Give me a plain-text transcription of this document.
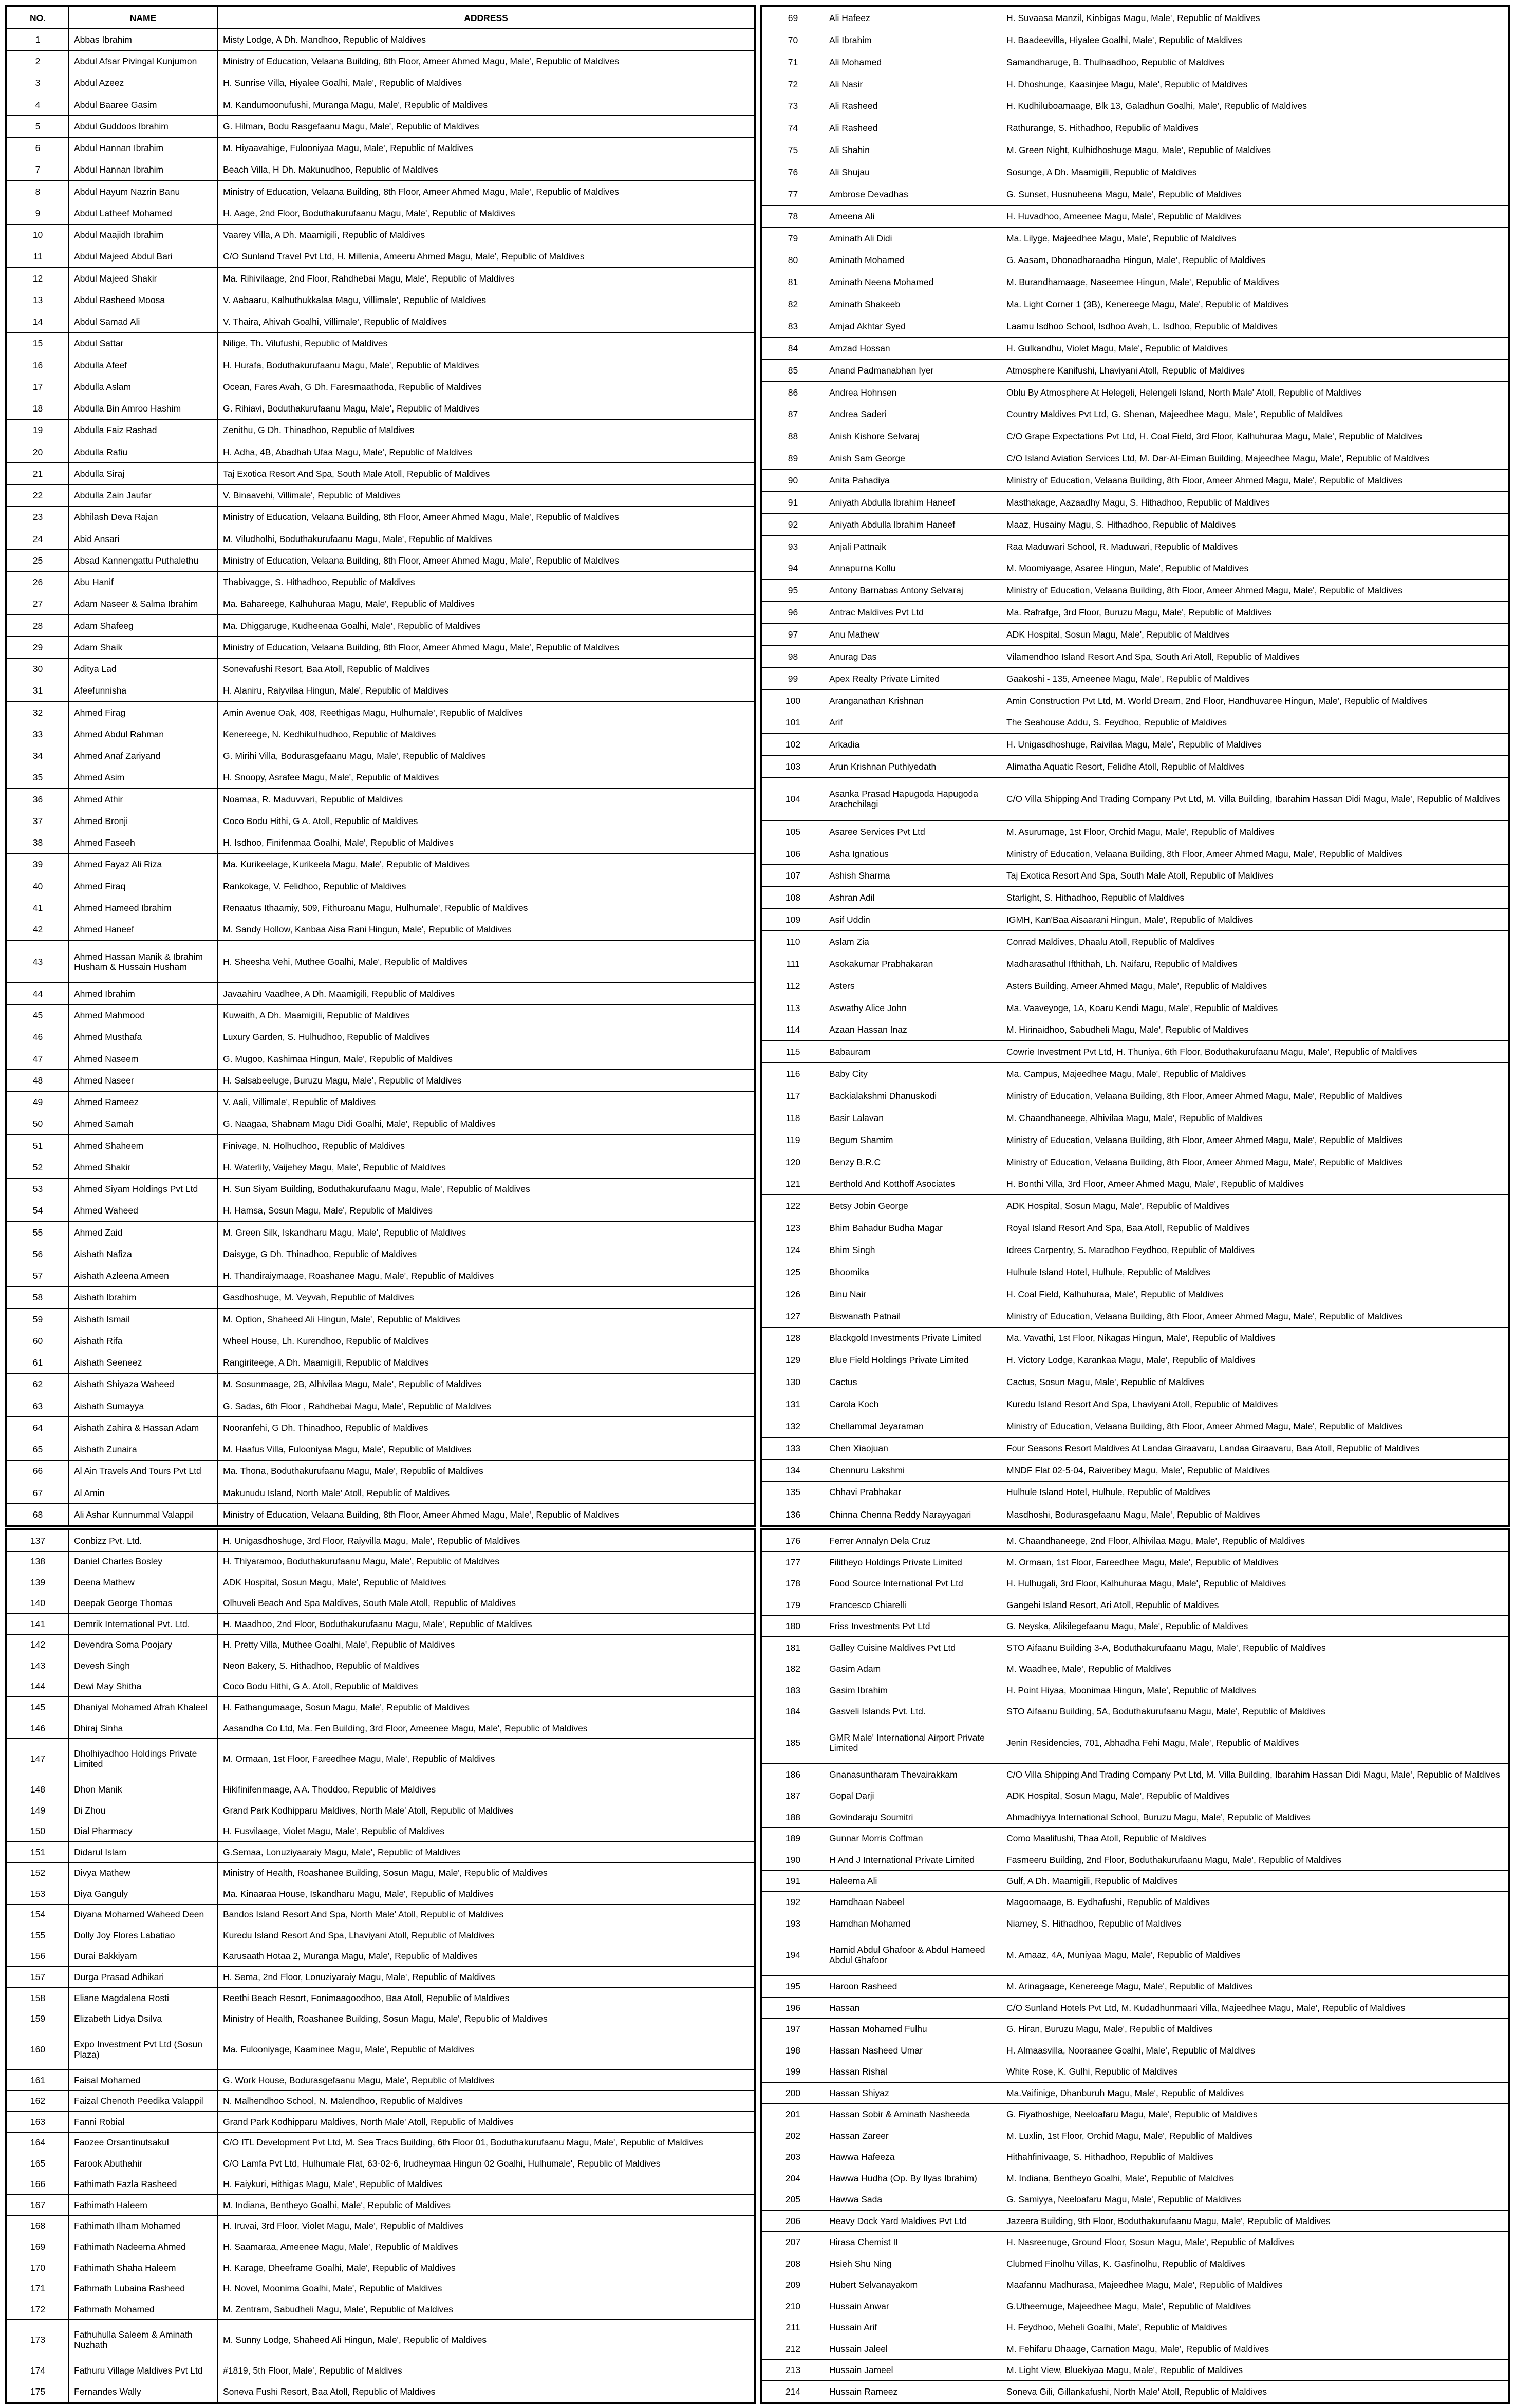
NO.	NAME	ADDRESS
1	Abbas Ibrahim	Misty Lodge, A Dh. Mandhoo, Republic of Maldives
2	Abdul Afsar Pivingal Kunjumon	Ministry of Education, Velaana Building, 8th Floor, Ameer Ahmed Magu, Male', Republic of Maldives
3	Abdul Azeez	H. Sunrise Villa, Hiyalee Goalhi, Male', Republic of Maldives
4	Abdul Baaree Gasim	M. Kandumoonufushi, Muranga Magu, Male', Republic of Maldives
5	Abdul Guddoos Ibrahim	G. Hilman, Bodu Rasgefaanu Magu, Male', Republic of Maldives
6	Abdul Hannan Ibrahim	M. Hiyaavahige, Fulooniyaa Magu, Male', Republic of Maldives
7	Abdul Hannan Ibrahim	Beach Villa, H Dh. Makunudhoo, Republic of Maldives
8	Abdul Hayum Nazrin Banu	Ministry of Education, Velaana Building, 8th Floor, Ameer Ahmed Magu, Male', Republic of Maldives
9	Abdul Latheef Mohamed	H. Aage, 2nd Floor, Boduthakurufaanu Magu, Male', Republic of Maldives
10	Abdul Maajidh Ibrahim	Vaarey Villa, A Dh. Maamigili, Republic of Maldives
11	Abdul Majeed Abdul Bari	C/O Sunland Travel Pvt Ltd, H. Millenia, Ameeru Ahmed Magu, Male', Republic of Maldives
12	Abdul Majeed Shakir	Ma. Rihivilaage, 2nd Floor, Rahdhebai Magu, Male', Republic of Maldives
13	Abdul Rasheed Moosa	V. Aabaaru, Kalhuthukkalaa Magu, Villimale', Republic of Maldives
14	Abdul Samad Ali	V. Thaira, Ahivah Goalhi, Villimale', Republic of Maldives
15	Abdul Sattar	Nilige, Th. Vilufushi, Republic of Maldives
16	Abdulla Afeef	H. Hurafa, Boduthakurufaanu Magu, Male', Republic of Maldives
17	Abdulla Aslam	Ocean, Fares Avah, G Dh. Faresmaathoda, Republic of Maldives
18	Abdulla Bin Amroo Hashim	G. Rihiavi, Boduthakurufaanu Magu, Male', Republic of Maldives
19	Abdulla Faiz Rashad	Zenithu, G Dh. Thinadhoo, Republic of Maldives
20	Abdulla Rafiu	H. Adha, 4B, Abadhah Ufaa Magu, Male', Republic of Maldives
21	Abdulla Siraj	Taj Exotica Resort And Spa, South Male Atoll, Republic of Maldives
22	Abdulla Zain Jaufar	V. Binaavehi, Villimale', Republic of Maldives
23	Abhilash Deva Rajan	Ministry of Education, Velaana Building, 8th Floor, Ameer Ahmed Magu, Male', Republic of Maldives
24	Abid Ansari	M. Viludholhi, Boduthakurufaanu Magu, Male', Republic of Maldives
25	Absad Kannengattu Puthalethu	Ministry of Education, Velaana Building, 8th Floor, Ameer Ahmed Magu, Male', Republic of Maldives
26	Abu Hanif	Thabivagge, S. Hithadhoo, Republic of Maldives
27	Adam Naseer & Salma Ibrahim	Ma. Bahareege, Kalhuhuraa Magu, Male', Republic of Maldives
28	Adam Shafeeg	Ma. Dhiggaruge, Kudheenaa Goalhi, Male', Republic of Maldives
29	Adam Shaik	Ministry of Education, Velaana Building, 8th Floor, Ameer Ahmed Magu, Male', Republic of Maldives
30	Aditya Lad	Sonevafushi Resort, Baa Atoll, Republic of Maldives
31	Afeefunnisha	H. Alaniru, Raiyvilaa Hingun, Male', Republic of Maldives
32	Ahmed Firag	Amin Avenue Oak, 408, Reethigas Magu, Hulhumale', Republic of Maldives
33	Ahmed Abdul Rahman	Kenereege, N. Kedhikulhudhoo, Republic of Maldives
34	Ahmed Anaf Zariyand	G. Mirihi Villa, Bodurasgefaanu Magu, Male', Republic of Maldives
35	Ahmed Asim	H. Snoopy, Asrafee Magu, Male', Republic of Maldives
36	Ahmed Athir	Noamaa, R. Maduvvari, Republic of Maldives
37	Ahmed Bronji	Coco Bodu Hithi, G A. Atoll, Republic of Maldives
38	Ahmed Faseeh	H. Isdhoo, Finifenmaa Goalhi, Male', Republic of Maldives
39	Ahmed Fayaz Ali Riza	Ma. Kurikeelage, Kurikeela Magu, Male', Republic of Maldives
40	Ahmed Firaq	Rankokage, V. Felidhoo, Republic of Maldives
41	Ahmed Hameed Ibrahim	Renaatus Ithaamiy, 509, Fithuroanu Magu, Hulhumale', Republic of Maldives
42	Ahmed Haneef	M. Sandy Hollow, Kanbaa Aisa Rani Hingun, Male', Republic of Maldives
43	Ahmed Hassan Manik & Ibrahim Husham & Hussain Husham	H. Sheesha Vehi, Muthee Goalhi, Male', Republic of Maldives
44	Ahmed Ibrahim	Javaahiru Vaadhee, A Dh. Maamigili, Republic of Maldives
45	Ahmed Mahmood	Kuwaith, A Dh. Maamigili, Republic of Maldives
46	Ahmed Musthafa	Luxury Garden, S. Hulhudhoo, Republic of Maldives
47	Ahmed Naseem	G. Mugoo, Kashimaa Hingun, Male', Republic of Maldives
48	Ahmed Naseer	H. Salsabeeluge, Buruzu Magu, Male', Republic of Maldives
49	Ahmed Rameez	V. Aali, Villimale', Republic of Maldives
50	Ahmed Samah	G. Naagaa, Shabnam Magu Didi Goalhi, Male', Republic of Maldives
51	Ahmed Shaheem	Finivage, N. Holhudhoo, Republic of Maldives
52	Ahmed Shakir	H. Waterlily, Vaijehey Magu, Male', Republic of Maldives
53	Ahmed Siyam Holdings Pvt Ltd	H. Sun Siyam Building, Boduthakurufaanu Magu, Male', Republic of Maldives
54	Ahmed Waheed	H. Hamsa, Sosun Magu, Male', Republic of Maldives
55	Ahmed Zaid	M. Green Silk, Iskandharu Magu, Male', Republic of Maldives
56	Aishath Nafiza	Daisyge, G Dh. Thinadhoo, Republic of Maldives
57	Aishath Azleena Ameen	H. Thandiraiymaage, Roashanee Magu, Male', Republic of Maldives
58	Aishath Ibrahim	Gasdhoshuge, M. Veyvah, Republic of Maldives
59	Aishath Ismail	M. Option, Shaheed Ali Hingun, Male', Republic of Maldives
60	Aishath Rifa	Wheel House, Lh. Kurendhoo, Republic of Maldives
61	Aishath Seeneez	Rangiriteege, A Dh. Maamigili, Republic of Maldives
62	Aishath Shiyaza Waheed	M. Sosunmaage, 2B, Alhivilaa Magu, Male', Republic of Maldives
63	Aishath Sumayya	G. Sadas, 6th Floor , Rahdhebai Magu, Male', Republic of Maldives
64	Aishath Zahira & Hassan Adam	Nooranfehi, G Dh. Thinadhoo, Republic of Maldives
65	Aishath Zunaira	M. Haafus Villa, Fulooniyaa Magu, Male', Republic of Maldives
66	Al Ain Travels And Tours Pvt Ltd	Ma. Thona, Boduthakurufaanu Magu, Male', Republic of Maldives
67	Al Amin	Makunudu Island, North Male' Atoll, Republic of Maldives
68	Ali Ashar Kunnummal Valappil	Ministry of Education, Velaana Building, 8th Floor, Ameer Ahmed Magu, Male', Republic of Maldives
69	Ali Hafeez	H. Suvaasa Manzil, Kinbigas Magu, Male', Republic of Maldives
70	Ali Ibrahim	H. Baadeevilla, Hiyalee Goalhi, Male', Republic of Maldives
71	Ali Mohamed	Samandharuge, B. Thulhaadhoo, Republic of Maldives
72	Ali Nasir	H. Dhoshunge, Kaasinjee Magu, Male', Republic of Maldives
73	Ali Rasheed	H. Kudhiluboamaage, Blk 13, Galadhun Goalhi, Male', Republic of Maldives
74	Ali Rasheed	Rathurange, S. Hithadhoo, Republic of Maldives
75	Ali Shahin	M. Green Night, Kulhidhoshuge Magu, Male', Republic of Maldives
76	Ali Shujau	Sosunge, A Dh. Maamigili, Republic of Maldives
77	Ambrose Devadhas	G. Sunset, Husnuheena Magu, Male', Republic of Maldives
78	Ameena Ali	H. Huvadhoo, Ameenee Magu, Male', Republic of Maldives
79	Aminath Ali Didi	Ma. Lilyge, Majeedhee Magu, Male', Republic of Maldives
80	Aminath Mohamed	G. Aasam, Dhonadharaadha Hingun, Male', Republic of Maldives
81	Aminath Neena Mohamed	M. Burandhamaage, Naseemee Hingun, Male', Republic of Maldives
82	Aminath Shakeeb	Ma. Light Corner 1 (3B), Kenereege Magu, Male', Republic of Maldives
83	Amjad Akhtar Syed	Laamu Isdhoo School, Isdhoo Avah, L. Isdhoo, Republic of Maldives
84	Amzad Hossan	H. Gulkandhu, Violet Magu, Male', Republic of Maldives
85	Anand Padmanabhan Iyer	Atmosphere Kanifushi, Lhaviyani Atoll, Republic of Maldives
86	Andrea Hohnsen	Oblu By Atmosphere At Helegeli, Helengeli Island, North Male' Atoll, Republic of Maldives
87	Andrea Saderi	Country Maldives Pvt Ltd, G. Shenan, Majeedhee Magu, Male', Republic of Maldives
88	Anish Kishore Selvaraj	C/O Grape Expectations Pvt Ltd, H. Coal Field, 3rd Floor, Kalhuhuraa Magu, Male', Republic of Maldives
89	Anish Sam George	C/O Island Aviation Services Ltd, M. Dar-Al-Eiman Building, Majeedhee Magu, Male', Republic of Maldives
90	Anita Pahadiya	Ministry of Education, Velaana Building, 8th Floor, Ameer Ahmed Magu, Male', Republic of Maldives
91	Aniyath Abdulla Ibrahim Haneef	Masthakage, Aazaadhy Magu, S. Hithadhoo, Republic of Maldives
92	Aniyath Abdulla Ibrahim Haneef	Maaz, Husainy Magu, S. Hithadhoo, Republic of Maldives
93	Anjali Pattnaik	Raa Maduwari School, R. Maduwari, Republic of Maldives
94	Annapurna Kollu	M. Moomiyaage, Asaree Hingun, Male', Republic of Maldives
95	Antony Barnabas Antony Selvaraj	Ministry of Education, Velaana Building, 8th Floor, Ameer Ahmed Magu, Male', Republic of Maldives
96	Antrac Maldives Pvt Ltd	Ma. Rafrafge, 3rd Floor, Buruzu Magu, Male', Republic of Maldives
97	Anu Mathew	ADK Hospital, Sosun Magu, Male', Republic of Maldives
98	Anurag Das	Vilamendhoo Island Resort And Spa, South Ari Atoll, Republic of Maldives
99	Apex Realty Private Limited	Gaakoshi - 135, Ameenee Magu, Male', Republic of Maldives
100	Aranganathan Krishnan	Amin Construction Pvt Ltd, M. World Dream, 2nd Floor, Handhuvaree Hingun, Male', Republic of Maldives
101	Arif	The Seahouse Addu, S. Feydhoo, Republic of Maldives
102	Arkadia	H. Unigasdhoshuge, Raivilaa Magu, Male', Republic of Maldives
103	Arun Krishnan Puthiyedath	Alimatha Aquatic Resort, Felidhe Atoll, Republic of Maldives
104	Asanka Prasad Hapugoda Hapugoda Arachchilagi	C/O Villa Shipping And Trading Company Pvt Ltd, M. Villa Building, Ibarahim Hassan Didi Magu, Male', Republic of Maldives
105	Asaree Services Pvt Ltd	M. Asurumage, 1st Floor, Orchid Magu, Male', Republic of Maldives
106	Asha Ignatious	Ministry of Education, Velaana Building, 8th Floor, Ameer Ahmed Magu, Male', Republic of Maldives
107	Ashish Sharma	Taj Exotica Resort And Spa, South Male Atoll, Republic of Maldives
108	Ashran Adil	Starlight, S. Hithadhoo, Republic of Maldives
109	Asif Uddin	IGMH, Kan'Baa Aisaarani Hingun, Male', Republic of Maldives
110	Aslam Zia	Conrad Maldives, Dhaalu Atoll, Republic of Maldives
111	Asokakumar Prabhakaran	Madharasathul Ifthithah, Lh. Naifaru, Republic of Maldives
112	Asters	Asters Building, Ameer Ahmed Magu, Male', Republic of Maldives
113	Aswathy Alice John	Ma. Vaaveyoge, 1A, Koaru Kendi Magu, Male', Republic of Maldives
114	Azaan Hassan Inaz	M. Hirinaidhoo, Sabudheli Magu, Male', Republic of Maldives
115	Babauram	Cowrie Investment Pvt Ltd, H. Thuniya, 6th Floor, Boduthakurufaanu Magu, Male', Republic of Maldives
116	Baby City	Ma. Campus, Majeedhee Magu, Male', Republic of Maldives
117	Backialakshmi Dhanuskodi	Ministry of Education, Velaana Building, 8th Floor, Ameer Ahmed Magu, Male', Republic of Maldives
118	Basir Lalavan	M. Chaandhaneege, Alhivilaa Magu, Male', Republic of Maldives
119	Begum Shamim	Ministry of Education, Velaana Building, 8th Floor, Ameer Ahmed Magu, Male', Republic of Maldives
120	Benzy B.R.C	Ministry of Education, Velaana Building, 8th Floor, Ameer Ahmed Magu, Male', Republic of Maldives
121	Berthold And Kotthoff Asociates	H. Bonthi Villa, 3rd Floor, Ameer Ahmed Magu, Male', Republic of Maldives
122	Betsy Jobin George	ADK Hospital, Sosun Magu, Male', Republic of Maldives
123	Bhim Bahadur Budha Magar	Royal Island Resort And Spa, Baa Atoll, Republic of Maldives
124	Bhim Singh	Idrees Carpentry, S. Maradhoo Feydhoo, Republic of Maldives
125	Bhoomika	Hulhule Island Hotel, Hulhule, Republic of Maldives
126	Binu Nair	H. Coal Field, Kalhuhuraa, Male', Republic of Maldives
127	Biswanath Patnail	Ministry of Education, Velaana Building, 8th Floor, Ameer Ahmed Magu, Male', Republic of Maldives
128	Blackgold Investments Private Limited	Ma. Vavathi, 1st Floor, Nikagas Hingun, Male', Republic of Maldives
129	Blue Field Holdings Private Limited	H. Victory Lodge, Karankaa Magu, Male', Republic of Maldives
130	Cactus	Cactus, Sosun Magu, Male', Republic of Maldives
131	Carola Koch	Kuredu Island Resort And Spa, Lhaviyani Atoll, Republic of Maldives
132	Chellammal Jeyaraman	Ministry of Education, Velaana Building, 8th Floor, Ameer Ahmed Magu, Male', Republic of Maldives
133	Chen Xiaojuan	Four Seasons Resort Maldives At Landaa Giraavaru, Landaa Giraavaru, Baa Atoll, Republic of Maldives
134	Chennuru Lakshmi	MNDF Flat 02-5-04, Raiveribey Magu, Male', Republic of Maldives
135	Chhavi Prabhakar	Hulhule Island Hotel, Hulhule, Republic of Maldives
136	Chinna Chenna Reddy Narayyagari	Masdhoshi, Bodurasgefaanu Magu, Male', Republic of Maldives
137	Conbizz Pvt. Ltd.	H. Unigasdhoshuge, 3rd Floor, Raiyvilla Magu, Male', Republic of Maldives
138	Daniel Charles Bosley	H. Thiyaramoo, Boduthakurufaanu Magu, Male', Republic of Maldives
139	Deena Mathew	ADK Hospital, Sosun Magu, Male', Republic of Maldives
140	Deepak George Thomas	Olhuveli Beach And Spa Maldives, South Male Atoll, Republic of Maldives
141	Demrik International Pvt. Ltd.	H. Maadhoo, 2nd Floor, Boduthakurufaanu Magu, Male', Republic of Maldives
142	Devendra Soma Poojary	H. Pretty Villa, Muthee Goalhi, Male', Republic of Maldives
143	Devesh Singh	Neon Bakery, S. Hithadhoo, Republic of Maldives
144	Dewi May Shitha	Coco Bodu Hithi, G A. Atoll, Republic of Maldives
145	Dhaniyal Mohamed Afrah Khaleel	H. Fathangumaage, Sosun Magu, Male', Republic of Maldives
146	Dhiraj Sinha	Aasandha Co Ltd, Ma. Fen Building, 3rd Floor, Ameenee Magu, Male', Republic of Maldives
147	Dholhiyadhoo Holdings Private Limited	M. Ormaan, 1st Floor, Fareedhee Magu, Male', Republic of Maldives
148	Dhon Manik	Hikifinifenmaage, A A. Thoddoo, Republic of Maldives
149	Di Zhou	Grand Park Kodhipparu Maldives, North Male' Atoll, Republic of Maldives
150	Dial Pharmacy	H. Fusvilaage, Violet Magu, Male', Republic of Maldives
151	Didarul Islam	G.Semaa, Lonuziyaaraiy Magu, Male', Republic of Maldives
152	Divya Mathew	Ministry of Health, Roashanee Building, Sosun Magu, Male', Republic of Maldives
153	Diya Ganguly	Ma. Kinaaraa House, Iskandharu Magu, Male', Republic of Maldives
154	Diyana Mohamed Waheed Deen	Bandos Island Resort And Spa, North Male' Atoll, Republic of Maldives
155	Dolly Joy Flores Labatiao	Kuredu Island Resort And Spa, Lhaviyani Atoll, Republic of Maldives
156	Durai Bakkiyam	Karusaath Hotaa 2, Muranga Magu, Male', Republic of Maldives
157	Durga Prasad Adhikari	H. Sema, 2nd Floor, Lonuziyaraiy Magu, Male', Republic of Maldives
158	Eliane Magdalena Rosti	Reethi Beach Resort, Fonimaagoodhoo, Baa Atoll, Republic of Maldives
159	Elizabeth Lidya Dsilva	Ministry of Health, Roashanee Building, Sosun Magu, Male', Republic of Maldives
160	Expo Investment Pvt Ltd (Sosun Plaza)	Ma. Fulooniyage, Kaaminee Magu, Male', Republic of Maldives
161	Faisal Mohamed	G. Work House, Bodurasgefaanu Magu, Male', Republic of Maldives
162	Faizal Chenoth Peedika Valappil	N. Malhendhoo School, N. Malendhoo, Republic of Maldives
163	Fanni Robial	Grand Park Kodhipparu Maldives, North Male' Atoll, Republic of Maldives
164	Faozee Orsantinutsakul	C/O ITL Development Pvt Ltd, M. Sea Tracs Building, 6th Floor 01, Boduthakurufaanu Magu, Male', Republic of Maldives
165	Farook Abuthahir	C/O Lamfa Pvt Ltd, Hulhumale Flat, 63-02-6, Irudheymaa Hingun 02 Goalhi, Hulhumale', Republic of Maldives
166	Fathimath Fazla Rasheed	H. Faiykuri, Hithigas Magu, Male', Republic of Maldives
167	Fathimath Haleem	M. Indiana, Bentheyo Goalhi, Male', Republic of Maldives
168	Fathimath Ilham Mohamed	H. Iruvai, 3rd Floor, Violet Magu, Male', Republic of Maldives
169	Fathimath Nadeema Ahmed	H. Saamaraa, Ameenee Magu, Male', Republic of Maldives
170	Fathimath Shaha Haleem	H. Karage, Dheeframe Goalhi, Male', Republic of Maldives
171	Fathmath Lubaina Rasheed	H. Novel, Moonima Goalhi, Male', Republic of Maldives
172	Fathmath Mohamed	M. Zentram, Sabudheli Magu, Male', Republic of Maldives
173	Fathuhulla Saleem & Aminath Nuzhath	M. Sunny Lodge, Shaheed Ali Hingun, Male', Republic of Maldives
174	Fathuru Village Maldives Pvt Ltd	#1819, 5th Floor, Male', Republic of Maldives
175	Fernandes Wally	Soneva Fushi Resort, Baa Atoll, Republic of Maldives
176	Ferrer Annalyn Dela Cruz	M. Chaandhaneege, 2nd Floor, Alhivilaa Magu, Male', Republic of Maldives
177	Filitheyo Holdings Private Limited	M. Ormaan, 1st Floor, Fareedhee Magu, Male', Republic of Maldives
178	Food Source International Pvt Ltd	H. Hulhugali, 3rd Floor, Kalhuhuraa Magu, Male', Republic of Maldives
179	Francesco Chiarelli	Gangehi Island Resort, Ari Atoll, Republic of Maldives
180	Friss Investments Pvt Ltd	G. Neyska, Alikilegefaanu Magu, Male', Republic of Maldives
181	Galley Cuisine Maldives Pvt Ltd	STO Aifaanu Building 3-A, Boduthakurufaanu Magu, Male', Republic of Maldives
182	Gasim Adam	M. Waadhee, Male', Republic of Maldives
183	Gasim Ibrahim	H. Point Hiyaa, Moonimaa Hingun, Male', Republic of Maldives
184	Gasveli Islands Pvt. Ltd.	STO Aifaanu Building, 5A, Boduthakurufaanu Magu, Male', Republic of Maldives
185	GMR Male' International Airport Private Limited	Jenin Residencies, 701, Abhadha Fehi Magu, Male', Republic of Maldives
186	Gnanasuntharam Thevairakkam	C/O Villa Shipping And Trading Company Pvt Ltd, M. Villa Building, Ibarahim Hassan Didi Magu, Male', Republic of Maldives
187	Gopal Darji	ADK Hospital, Sosun Magu, Male', Republic of Maldives
188	Govindaraju Soumitri	Ahmadhiyya International School, Buruzu Magu, Male', Republic of Maldives
189	Gunnar Morris Coffman	Como Maalifushi, Thaa Atoll, Republic of Maldives
190	H And J International Private Limited	Fasmeeru Building, 2nd Floor, Boduthakurufaanu Magu, Male', Republic of Maldives
191	Haleema Ali	Gulf, A Dh. Maamigili, Republic of Maldives
192	Hamdhaan Nabeel	Magoomaage, B. Eydhafushi, Republic of Maldives
193	Hamdhan Mohamed	Niamey, S. Hithadhoo, Republic of Maldives
194	Hamid Abdul Ghafoor & Abdul Hameed Abdul Ghafoor	M. Amaaz, 4A, Muniyaa Magu, Male', Republic of Maldives
195	Haroon Rasheed	M. Arinagaage, Kenereege Magu, Male', Republic of Maldives
196	Hassan	C/O Sunland Hotels Pvt Ltd, M. Kudadhunmaari Villa, Majeedhee Magu, Male', Republic of Maldives
197	Hassan Mohamed Fulhu	G. Hiran, Buruzu Magu, Male', Republic of Maldives
198	Hassan Nasheed Umar	H. Almaasvilla, Nooraanee Goalhi, Male', Republic of Maldives
199	Hassan Rishal	White Rose, K. Gulhi, Republic of Maldives
200	Hassan Shiyaz	Ma.Vaifinige, Dhanburuh Magu, Male', Republic of Maldives
201	Hassan Sobir & Aminath Nasheeda	G. Fiyathoshige, Neeloafaru Magu, Male', Republic of Maldives
202	Hassan Zareer	M. Luxlin, 1st Floor, Orchid Magu, Male', Republic of Maldives
203	Hawwa Hafeeza	Hithahfinivaage, S. Hithadhoo, Republic of Maldives
204	Hawwa Hudha (Op. By Ilyas Ibrahim)	M. Indiana, Bentheyo Goalhi, Male', Republic of Maldives
205	Hawwa Sada	G. Samiyya, Neeloafaru Magu, Male', Republic of Maldives
206	Heavy Dock Yard Maldives Pvt Ltd	Jazeera Building, 9th Floor, Boduthakurufaanu Magu, Male', Republic of Maldives
207	Hirasa Chemist II	H. Nasreenuge, Ground Floor, Sosun Magu, Male', Republic of Maldives
208	Hsieh Shu Ning	Clubmed Finolhu Villas, K. Gasfinolhu, Republic of Maldives
209	Hubert Selvanayakom	Maafannu Madhurasa, Majeedhee Magu, Male', Republic of Maldives
210	Hussain Anwar	G.Utheemuge, Majeedhee Magu, Male', Republic of Maldives
211	Hussain Arif	H. Feydhoo, Meheli Goalhi, Male', Republic of Maldives
212	Hussain Jaleel	M. Fehifaru Dhaage, Carnation Magu, Male', Republic of Maldives
213	Hussain Jameel	M. Light View, Bluekiyaa Magu, Male', Republic of Maldives
214	Hussain Rameez	Soneva Gili, Gillankafushi, North Male' Atoll, Republic of Maldives
